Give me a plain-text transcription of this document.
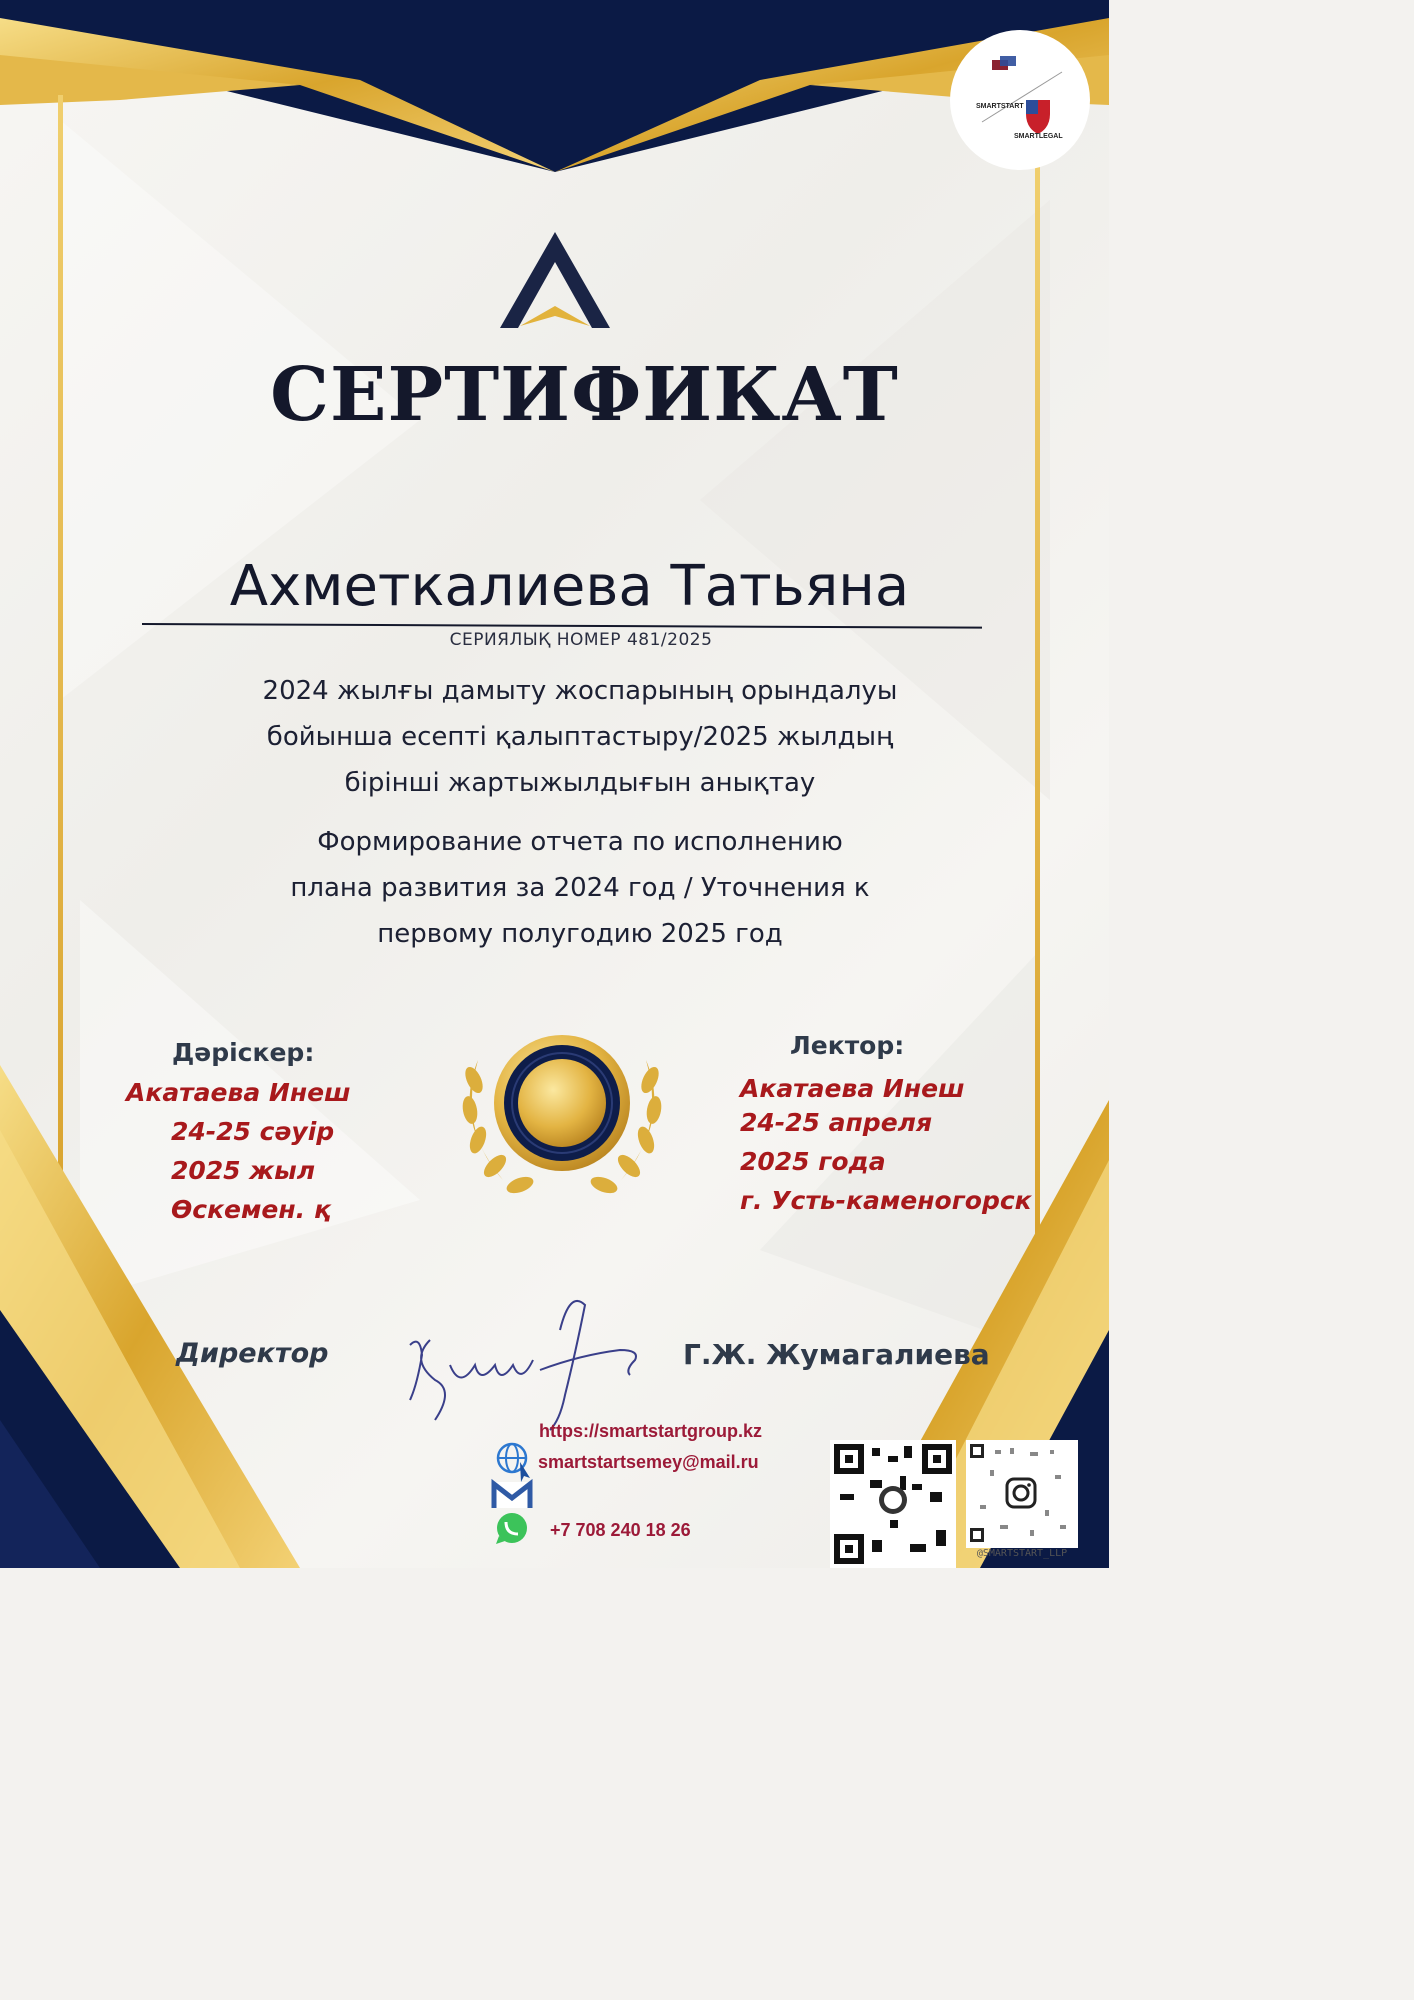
SMARTSTART
SMARTLEGAL
СЕРТИФИКАТ
Ахметкалиева Татьяна
СЕРИЯЛЫҚ НОМЕР 481/2025
2024 жылғы дамыту жоспарының орындалуы
бойынша есепті қалыптастыру/2025 жылдың
бірінші жартыжылдығын анықтау
Формирование отчета по исполнению
плана развития за 2024 год / Уточнения к
первому полугодию 2025 год
Дәріскер:
Акатаева Инеш
24-25 сәуір
2025 жыл
Өскемен. қ
Лектор:
Акатаева Инеш
24-25 апреля
2025 года
г. Усть-каменогорск
Директор	Г.Ж. Жумагалиева
https://smartstartgroup.kz
smartstartsemey@mail.ru
+7 708 240 18 26
@SMARTSTART_LLP
